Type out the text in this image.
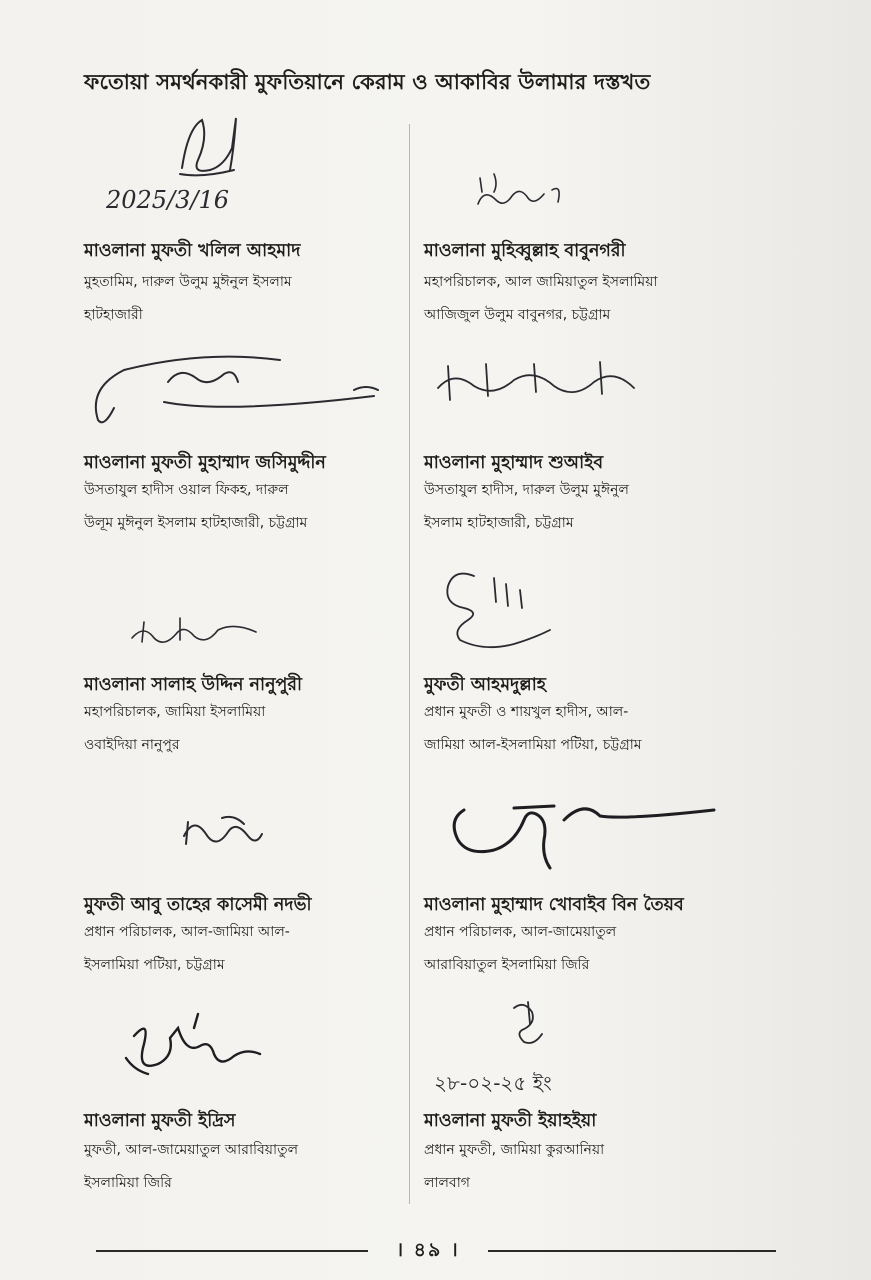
ফতোয়া সমর্থনকারী মুফতিয়ানে কেরাম ও আকাবির উলামার দস্তখত
2025/3/16
মাওলানা মুফতী খলিল আহমাদ
মুহতামিম, দারুল উলুম মুঈনুল ইসলাম
হাটহাজারী
মাওলানা মুহিব্বুল্লাহ বাবুনগরী
মহাপরিচালক, আল জামিয়াতুল ইসলামিয়া
আজিজুল উলুম বাবুনগর, চট্টগ্রাম
মাওলানা মুফতী মুহাম্মাদ জসিমুদ্দীন
উসতাযুল হাদীস ওয়াল ফিকহ, দারুল
উলূম মুঈনুল ইসলাম হাটহাজারী, চট্টগ্রাম
মাওলানা মুহাম্মাদ শুআইব
উসতাযুল হাদীস, দারুল উলুম মুঈনুল
ইসলাম হাটহাজারী, চট্টগ্রাম
মাওলানা সালাহ উদ্দিন নানুপুরী
মহাপরিচালক, জামিয়া ইসলামিয়া
ওবাইদিয়া নানুপুর
মুফতী আহমদুল্লাহ
প্রধান মুফতী ও শায়খুল হাদীস, আল-
জামিয়া আল-ইসলামিয়া পটিয়া, চট্টগ্রাম
মুফতী আবু তাহের কাসেমী নদভী
প্রধান পরিচালক, আল-জামিয়া আল-
ইসলামিয়া পটিয়া, চট্টগ্রাম
মাওলানা মুহাম্মাদ খোবাইব বিন তৈয়ব
প্রধান পরিচালক, আল-জামেয়াতুল
আরাবিয়াতুল ইসলামিয়া জিরি
মাওলানা মুফতী ইদ্রিস
মুফতী, আল-জামেয়াতুল আরাবিয়াতুল
ইসলামিয়া জিরি
২৮-০২-২৫ ইং
মাওলানা মুফতী ইয়াহইয়া
প্রধান মুফতী, জামিয়া কুরআনিয়া
লালবাগ
। ৪৯ ।
